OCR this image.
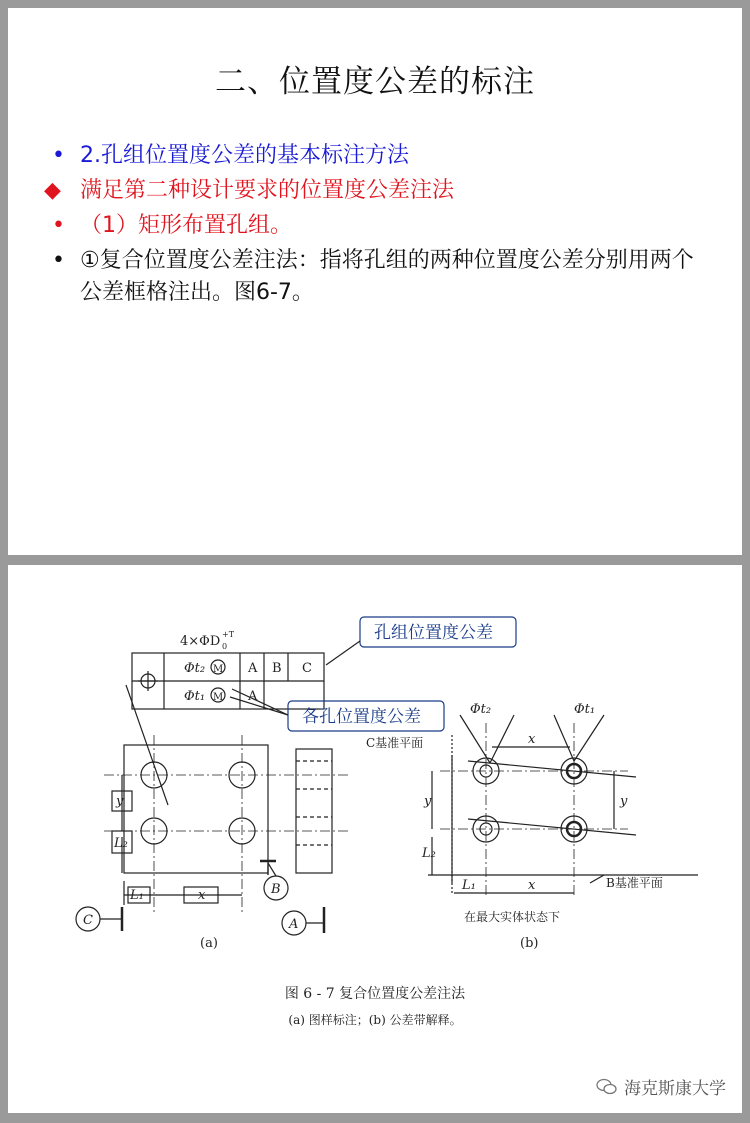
二、位置度公差的标注
• 2.孔组位置度公差的基本标注方法
◆ 满足第二种设计要求的位置度公差注法
• （1）矩形布置孔组。
• ①复合位置度公差注法：指将孔组的两种位置度公差分别用两个公差框格注出。图6-7。
4×ΦD +T
0
Φt₂ M A B C
Φt₁ M A
孔组位置度公差
各孔位置度公差
y
L₂
L₁	x
C
B
A
(a)	(b)
Φt₂	Φt₁
C基准平面
B基准平面
x
y
y
L₂
L₁	x
在最大实体状态下
图 6 - 7 复合位置度公差注法
(a) 图样标注；(b) 公差带解释。
海克斯康大学
